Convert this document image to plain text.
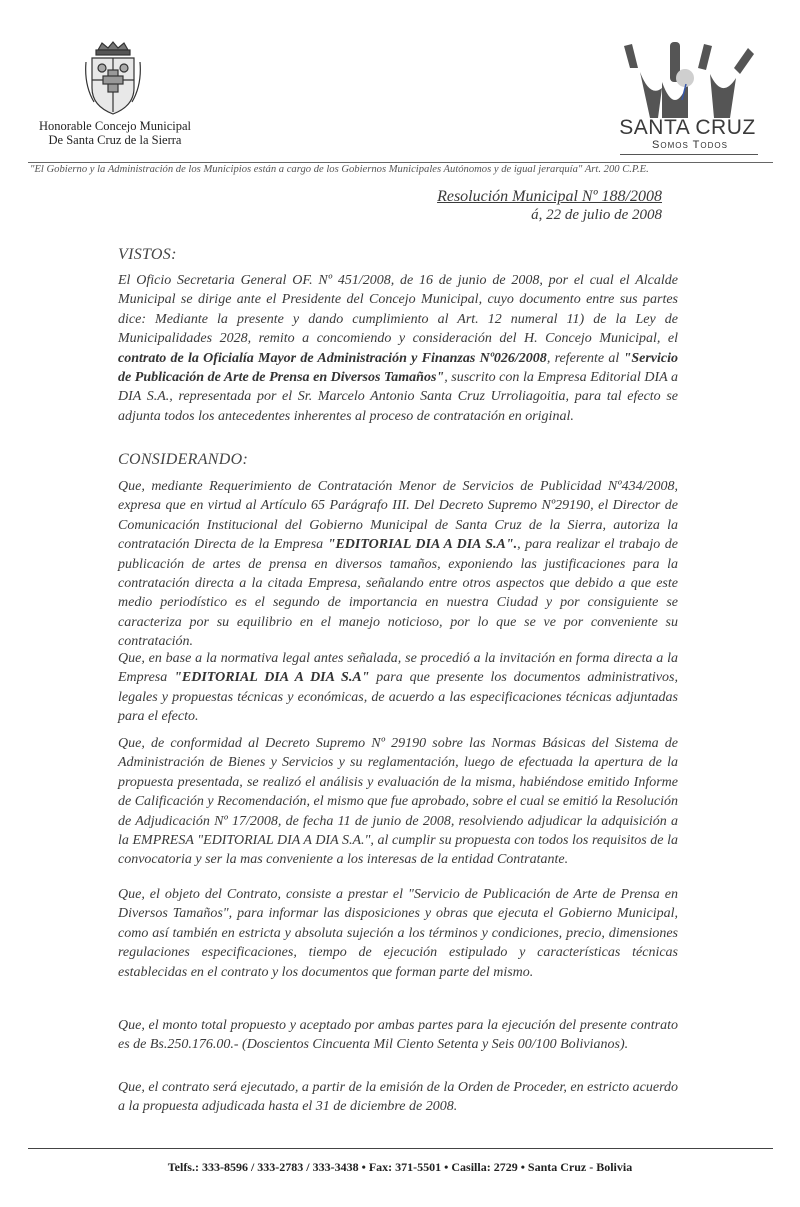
Honorable Concejo Municipal
De Santa Cruz de la Sierra
SANTA CRUZ
Somos Todos
"El Gobierno y la Administración de los Municipios están a cargo de los Gobiernos Municipales Autónomos y de igual jerarquía" Art. 200 C.P.E.
Resolución Municipal Nº 188/2008
á, 22 de julio de 2008
VISTOS:

El Oficio Secretaria General OF. Nº 451/2008, de 16 de junio de 2008, por el cual el Alcalde Municipal se dirige ante el Presidente del Concejo Municipal, cuyo documento entre sus partes dice: Mediante la presente y dando cumplimiento al Art. 12 numeral 11) de la Ley de Municipalidades 2028, remito a concomiendo y consideración del H. Concejo Municipal, el contrato de la Oficialía Mayor de Administración y Finanzas Nº026/2008, referente al "Servicio de Publicación de Arte de Prensa en Diversos Tamaños", suscrito con la Empresa Editorial DIA a DIA S.A., representada por el Sr. Marcelo Antonio Santa Cruz Urroliagoitia, para tal efecto se adjunta todos los antecedentes inherentes al proceso de contratación en original.

CONSIDERANDO:

Que, mediante Requerimiento de Contratación Menor de Servicios de Publicidad Nº434/2008, expresa que en virtud al Artículo 65 Parágrafo III. Del Decreto Supremo Nº29190, el Director de Comunicación Institucional del Gobierno Municipal de Santa Cruz de la Sierra, autoriza la contratación Directa de la Empresa "EDITORIAL DIA A DIA S.A"., para realizar el trabajo de publicación de artes de prensa en diversos tamaños, exponiendo las justificaciones para la contratación directa a la citada Empresa, señalando entre otros aspectos que debido a que este medio periodístico es el segundo de importancia en nuestra Ciudad y por consiguiente se caracteriza por su equilibrio en el manejo noticioso, por lo que se ve por conveniente su contratación.

Que, en base a la normativa legal antes señalada, se procedió a la invitación en forma directa a la Empresa "EDITORIAL DIA A DIA S.A" para que presente los documentos administrativos, legales y propuestas técnicas y económicas, de acuerdo a las especificaciones técnicas adjuntadas para el efecto.

Que, de conformidad al Decreto Supremo Nº 29190 sobre las Normas Básicas del Sistema de Administración de Bienes y Servicios y su reglamentación, luego de efectuada la apertura de la propuesta presentada, se realizó el análisis y evaluación de la misma, habiéndose emitido Informe de Calificación y Recomendación, el mismo que fue aprobado, sobre el cual se emitió la Resolución de Adjudicación Nº 17/2008, de fecha 11 de junio de 2008, resolviendo adjudicar la adquisición a la EMPRESA "EDITORIAL DIA A DIA S.A.", al cumplir su propuesta con todos los requisitos de la convocatoria y ser la mas conveniente a los interesas de la entidad Contratante.

Que, el objeto del Contrato, consiste a prestar el "Servicio de Publicación de Arte de Prensa en Diversos Tamaños", para informar las disposiciones y obras que ejecuta el Gobierno Municipal, como así también en estricta y absoluta sujeción a los términos y condiciones, precio, dimensiones regulaciones especificaciones, tiempo de ejecución estipulado y características técnicas establecidas en el contrato y los documentos que forman parte del mismo.

Que, el monto total propuesto y aceptado por ambas partes para la ejecución del presente contrato es de Bs.250.176.00.- (Doscientos Cincuenta Mil Ciento Setenta y Seis 00/100 Bolivianos).

Que, el contrato será ejecutado, a partir de la emisión de la Orden de Proceder, en estricto acuerdo a la propuesta adjudicada hasta el 31 de diciembre de 2008.

Telfs.: 333-8596 / 333-2783 / 333-3438 • Fax: 371-5501 • Casilla: 2729 • Santa Cruz - Bolivia
